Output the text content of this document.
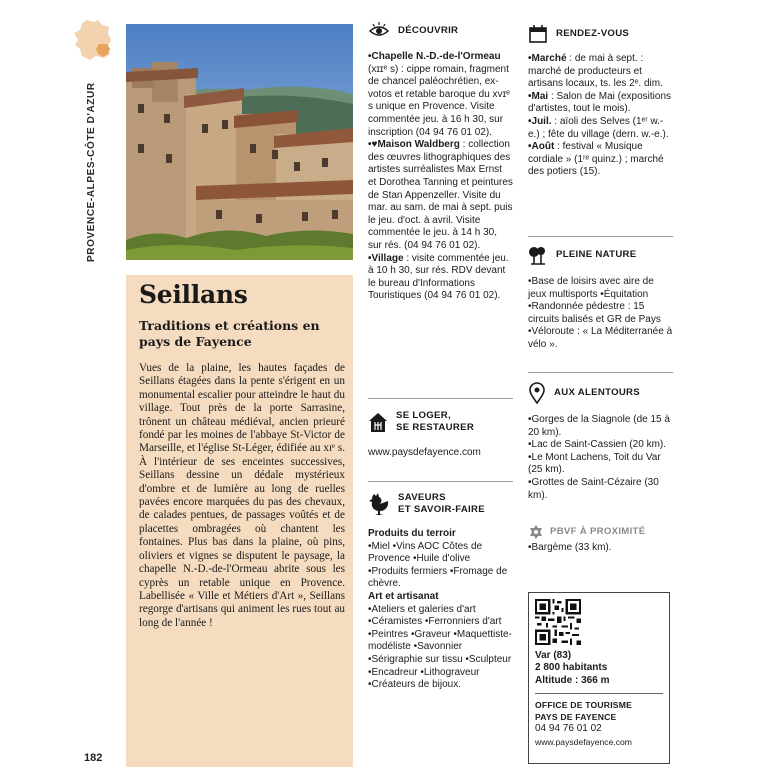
PROVENCE-ALPES-CÔTE D'AZUR
182
Seillans
Traditions et créations en pays de Fayence
Vues de la plaine, les hautes façades de Seillans étagées dans la pente s'érigent en un monumental escalier pour atteindre le haut du village. Tout près de la porte Sarrasine, trônent un château médiéval, ancien prieuré fondé par les moines de l'abbaye St-Victor de Marseille, et l'église St-Léger, édifiée au xɪᵉ s. À l'intérieur de ses enceintes successives, Seillans dessine un dédale mystérieux d'ombre et de lumière au long de ruelles pavées encore marquées du pas des chevaux, de calades pentues, de passages voûtés et de placettes ombragées où chantent les fontaines. Plus bas dans la plaine, où pins, oliviers et vignes se disputent le paysage, la chapelle N.-D.-de-l'Ormeau abrite sous les cyprès un retable unique en Provence. Labellisée « Ville et Métiers d'Art », Seillans regorge d'artisans qui animent les rues tout au long de l'année !
DÉCOUVRIR
•Chapelle N.-D.-de-l'Ormeau (xɪɪᵉ s) : cippe romain, fragment de chancel paléochrétien, ex-votos et retable baroque du xᴠɪᵉ s unique en Provence. Visite commentée jeu. à 16 h 30, sur inscription (04 94 76 01 02).
•♥Maison Waldberg : collection des œuvres lithographiques des artistes surréalistes Max Ernst et Dorothea Tanning et peintures de Stan Appenzeller. Visite du mar. au sam. de mai à sept. puis le jeu. d'oct. à avril. Visite commentée le jeu. à 14 h 30, sur rés. (04 94 76 01 02).
•Village : visite commentée jeu. à 10 h 30, sur rés. RDV devant le bureau d'Informations Touristiques (04 94 76 01 02).
SE LOGER,
SE RESTAURER
www.paysdefayence.com
SAVEURS
ET SAVOIR-FAIRE
Produits du terroir
•Miel •Vins AOC Côtes de Provence •Huile d'olive •Produits fermiers •Fromage de chèvre.
Art et artisanat
•Ateliers et galeries d'art •Céramistes •Ferronniers d'art •Peintres •Graveur •Maquettiste-modéliste •Savonnier •Sérigraphie sur tissu •Sculpteur •Encadreur •Lithograveur •Créateurs de bijoux.
RENDEZ-VOUS
•Marché : de mai à sept. : marché de producteurs et artisans locaux, ts. les 2ᵉ. dim.
•Mai : Salon de Mai (expositions d'artistes, tout le mois).
•Juil. : aïoli des Selves (1ᵉʳ w.-e.) ; fête du village (dern. w.-e.).
•Août : festival « Musique cordiale » (1ʳᵉ quinz.) ; marché des potiers (15).
PLEINE NATURE
•Base de loisirs avec aire de jeux multisports •Équitation •Randonnée pédestre : 15 circuits balisés et GR de Pays •Véloroute : « La Méditerranée à vélo ».
AUX ALENTOURS
•Gorges de la Siagnole (de 15 à 20 km).
•Lac de Saint-Cassien (20 km).
•Le Mont Lachens, Toit du Var (25 km).
•Grottes de Saint-Cézaire (30 km).
PBVF À PROXIMITÉ
•Bargème (33 km).
Var (83)
2 800 habitants
Altitude : 366 m
OFFICE DE TOURISME
PAYS DE FAYENCE
04 94 76 01 02
www.paysdefayence.com
